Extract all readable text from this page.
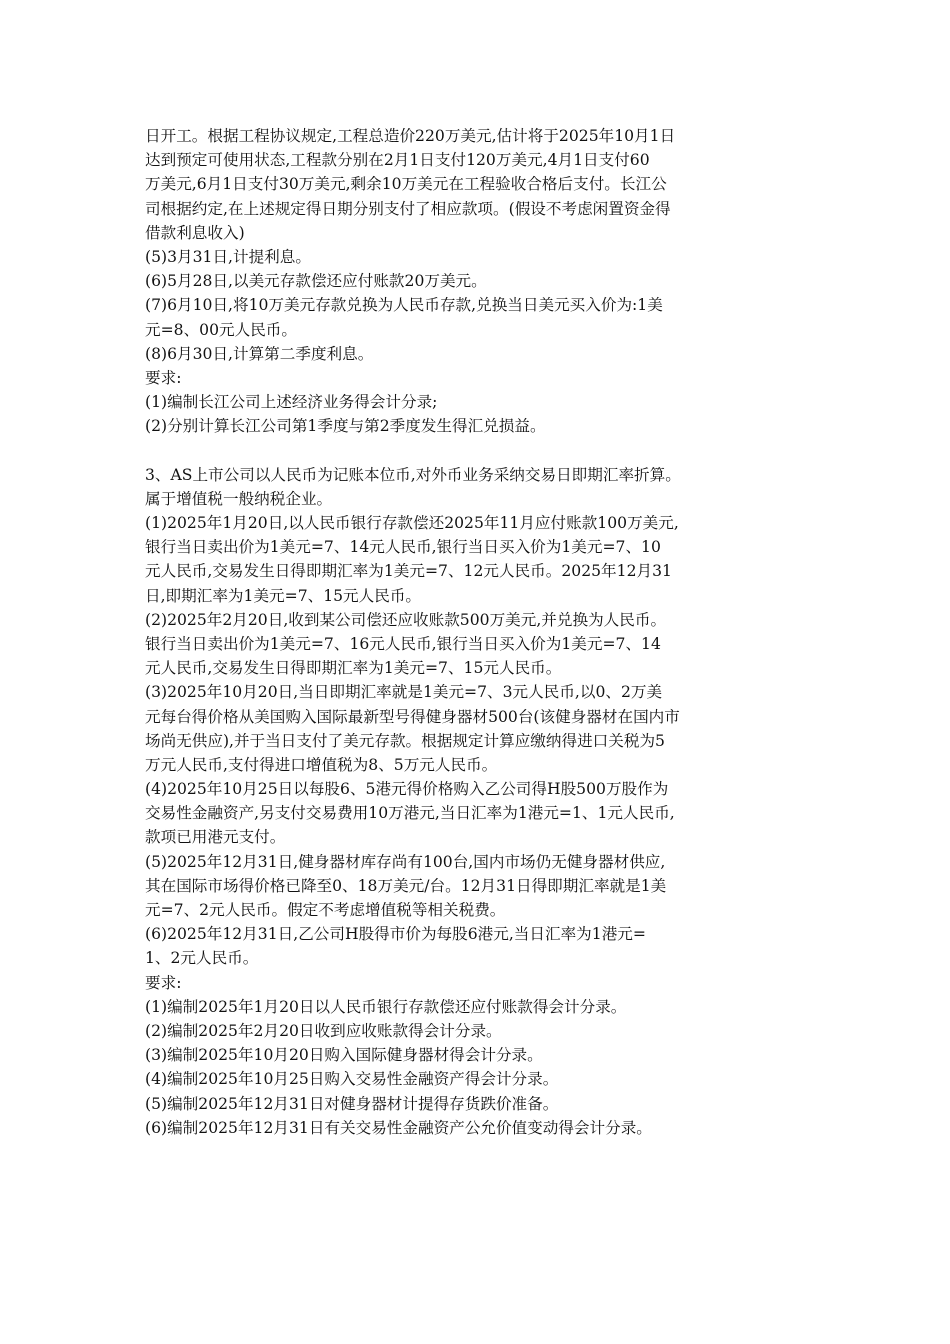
日开工。根据工程协议规定,工程总造价220万美元,估计将于2025年10月1日
达到预定可使用状态,工程款分别在2月1日支付120万美元,4月1日支付60
万美元,6月1日支付30万美元,剩余10万美元在工程验收合格后支付。长江公
司根据约定,在上述规定得日期分别支付了相应款项。(假设不考虑闲置资金得
借款利息收入)
(5)3月31日,计提利息。
(6)5月28日,以美元存款偿还应付账款20万美元。
(7)6月10日,将10万美元存款兑换为人民币存款,兑换当日美元买入价为:1美
元=8、00元人民币。
(8)6月30日,计算第二季度利息。
要求:
(1)编制长江公司上述经济业务得会计分录;
(2)分别计算长江公司第1季度与第2季度发生得汇兑损益。
3、AS上市公司以人民币为记账本位币,对外币业务采纳交易日即期汇率折算。
属于增值税一般纳税企业。
(1)2025年1月20日,以人民币银行存款偿还2025年11月应付账款100万美元,
银行当日卖出价为1美元=7、14元人民币,银行当日买入价为1美元=7、10
元人民币,交易发生日得即期汇率为1美元=7、12元人民币。2025年12月31
日,即期汇率为1美元=7、15元人民币。
(2)2025年2月20日,收到某公司偿还应收账款500万美元,并兑换为人民币。
银行当日卖出价为1美元=7、16元人民币,银行当日买入价为1美元=7、14
元人民币,交易发生日得即期汇率为1美元=7、15元人民币。
(3)2025年10月20日,当日即期汇率就是1美元=7、3元人民币,以0、2万美
元每台得价格从美国购入国际最新型号得健身器材500台(该健身器材在国内市
场尚无供应),并于当日支付了美元存款。根据规定计算应缴纳得进口关税为5
万元人民币,支付得进口增值税为8、5万元人民币。
(4)2025年10月25日以每股6、5港元得价格购入乙公司得H股500万股作为
交易性金融资产,另支付交易费用10万港元,当日汇率为1港元=1、1元人民币,
款项已用港元支付。
(5)2025年12月31日,健身器材库存尚有100台,国内市场仍无健身器材供应,
其在国际市场得价格已降至0、18万美元/台。12月31日得即期汇率就是1美
元=7、2元人民币。假定不考虑增值税等相关税费。
(6)2025年12月31日,乙公司H股得市价为每股6港元,当日汇率为1港元=
1、2元人民币。
要求:
(1)编制2025年1月20日以人民币银行存款偿还应付账款得会计分录。
(2)编制2025年2月20日收到应收账款得会计分录。
(3)编制2025年10月20日购入国际健身器材得会计分录。
(4)编制2025年10月25日购入交易性金融资产得会计分录。
(5)编制2025年12月31日对健身器材计提得存货跌价准备。
(6)编制2025年12月31日有关交易性金融资产公允价值变动得会计分录。
